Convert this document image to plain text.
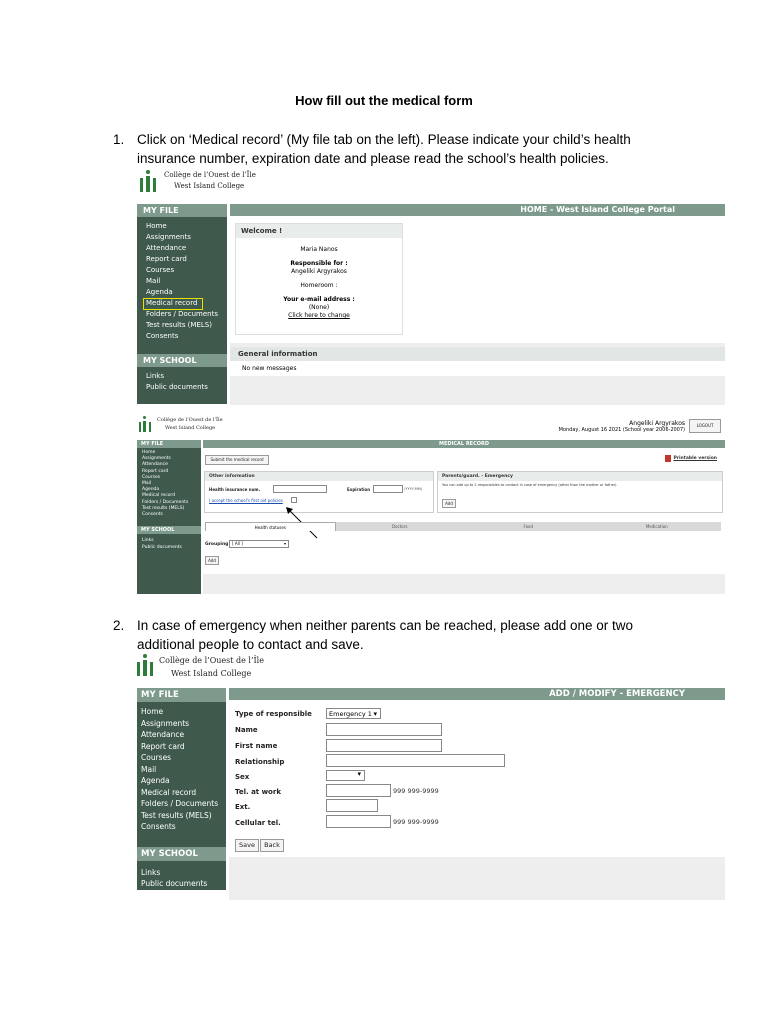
How fill out the medical form
1. Click on ‘Medical record’ (My file tab on the left). Please indicate your child’s health insurance number, expiration date and please read the school’s health policies.
Collège de l’Ouest de l’Île
West Island College
MY FILE
Home
Assignments
Attendance
Report card
Courses
Mail
Agenda
Medical record
Folders / Documents
Test results (MELS)
Consents
MY SCHOOL
Links
Public documents
HOME - West Island College Portal
Welcome !
Maria Nanos
Responsible for :
Angeliki Argyrakos
Homeroom :
Your e-mail address :
(None)
Click here to change
General information
No new messages
Collège de l’Ouest de l’Île
West Island College
Angeliki Argyrakos
Monday, August 16 2021 (School year 2006-2007)
LOGOUT
MY FILE
Home
Assignments
Attendance
Report card
Courses
Mail
Agenda
Medical record
Folders / Documents
Test results (MELS)
Consents
MY SCHOOL
Links
Public documents
MEDICAL RECORD
Submit the medical record	Printable version
Other information
Health insurance num.	Expiration	(YYYY-MM)
I accept the school's first aid policies
Parents/guard. - Emergency
You can add up to 2 responsibles to contact in case of emergency (other than the mother or father)
Add
Health statuses	Doctors	Food	Medication
Grouping [ All ]	▾
Add
2. In case of emergency when neither parents can be reached, please add one or two additional people to contact and save.
Collège de l’Ouest de l’Île
West Island College
MY FILE
Home
Assignments
Attendance
Report card
Courses
Mail
Agenda
Medical record
Folders / Documents
Test results (MELS)
Consents
MY SCHOOL
Links
Public documents
ADD / MODIFY - EMERGENCY
Type of responsible	Emergency 1 ▾
Name
First name
Relationship
Sex	▾
Tel. at work	999 999-9999
Ext.
Cellular tel.	999 999-9999
Save	Back
